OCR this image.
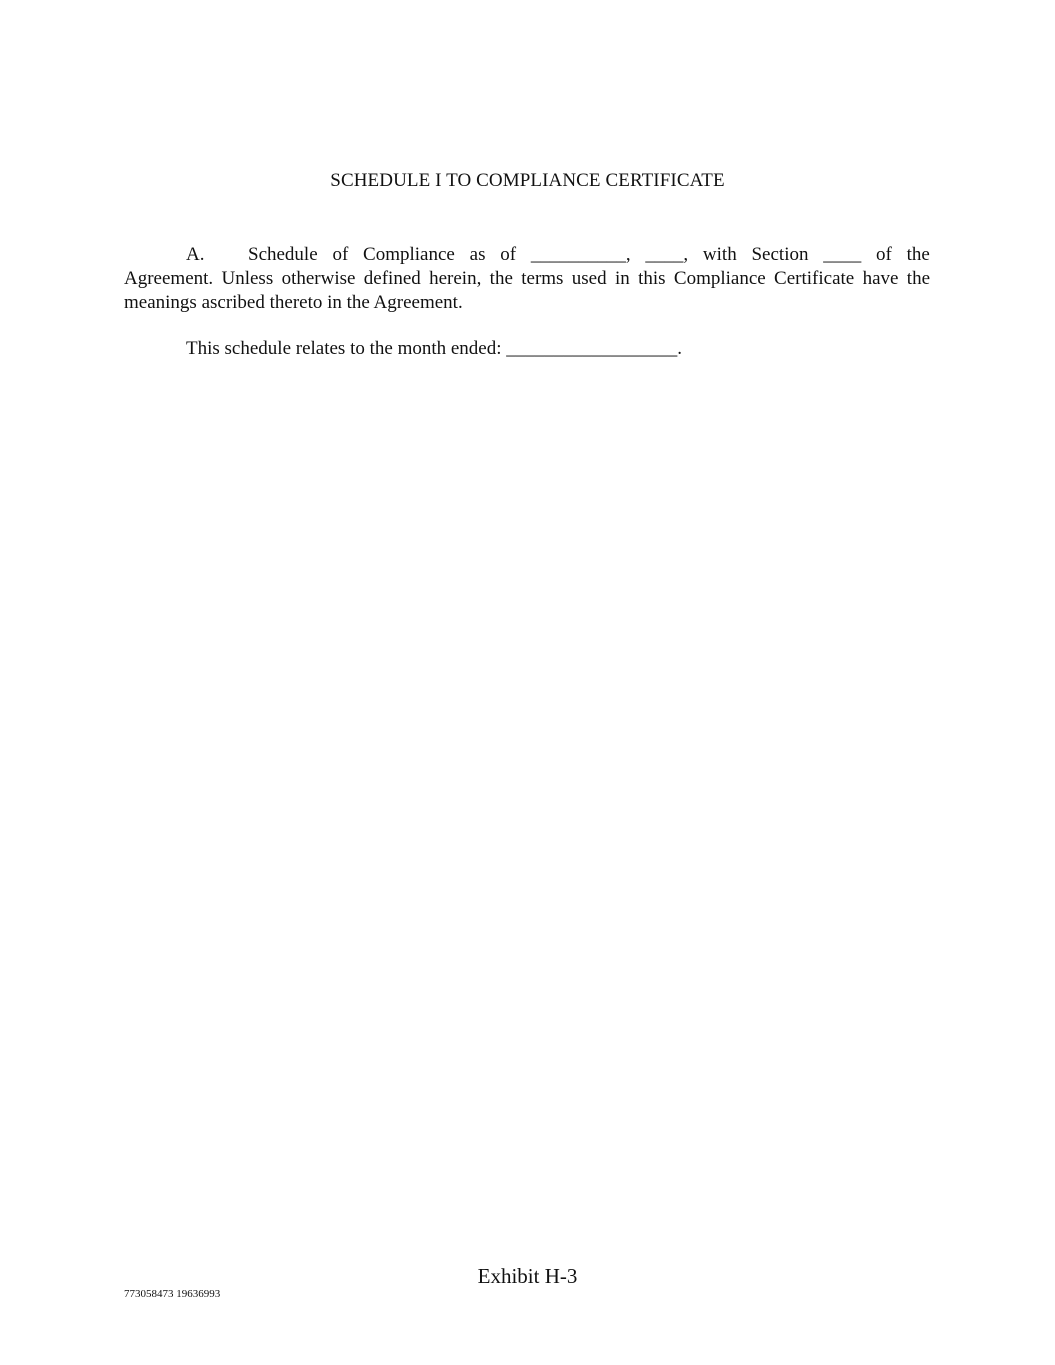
SCHEDULE I TO COMPLIANCE CERTIFICATE
A.	Schedule of Compliance as of __________, ____, with Section ____ of the
Agreement. Unless otherwise defined herein, the terms used in this Compliance Certificate have the meanings ascribed thereto in the Agreement.
This schedule relates to the month ended: __________________.
Exhibit H-3
773058473 19636993
